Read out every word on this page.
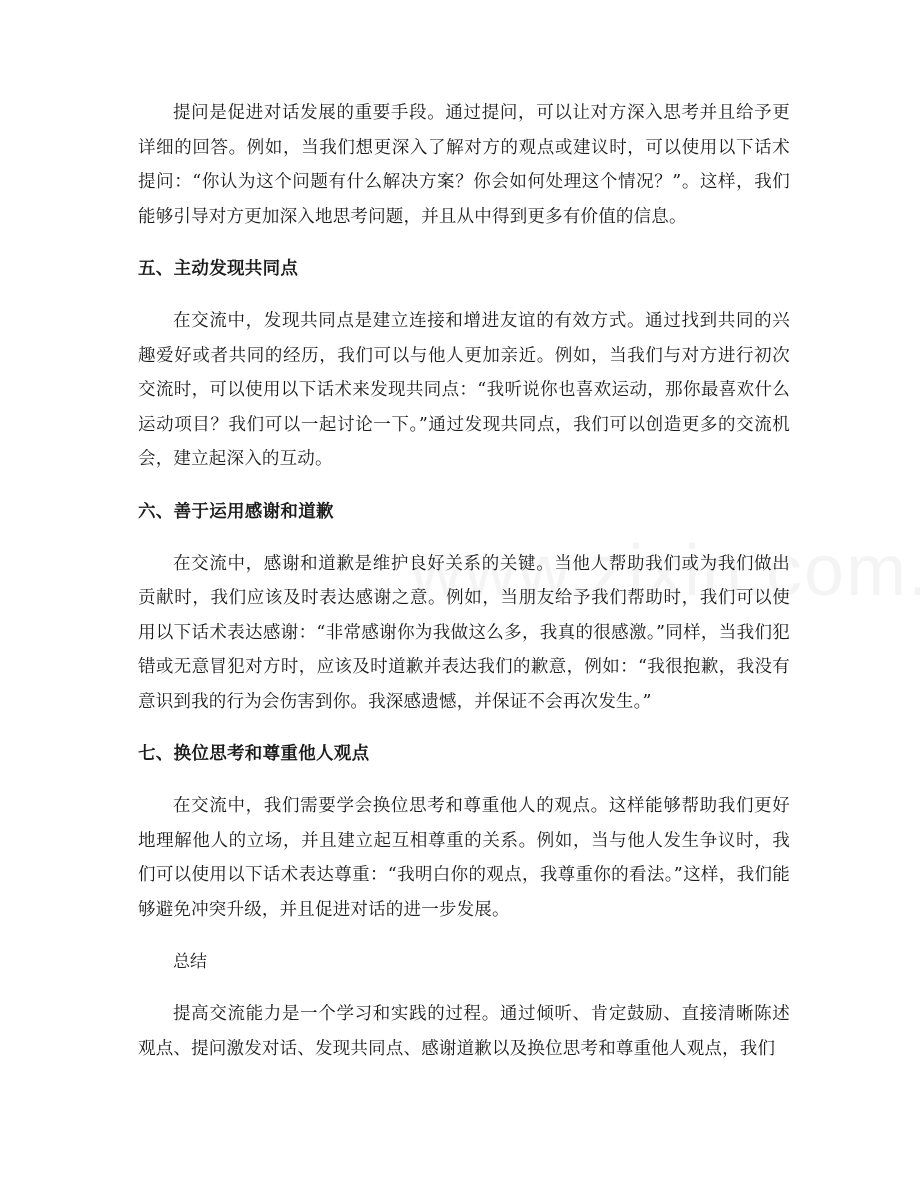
提问是促进对话发展的重要手段。通过提问，可以让对方深入思考并且给予更详细的回答。例如，当我们想更深入了解对方的观点或建议时，可以使用以下话术提问：“你认为这个问题有什么解决方案？你会如何处理这个情况？”。这样，我们能够引导对方更加深入地思考问题，并且从中得到更多有价值的信息。

五、主动发现共同点

在交流中，发现共同点是建立连接和增进友谊的有效方式。通过找到共同的兴趣爱好或者共同的经历，我们可以与他人更加亲近。例如，当我们与对方进行初次交流时，可以使用以下话术来发现共同点：“我听说你也喜欢运动，那你最喜欢什么运动项目？我们可以一起讨论一下。”通过发现共同点，我们可以创造更多的交流机会，建立起深入的互动。

六、善于运用感谢和道歉

在交流中，感谢和道歉是维护良好关系的关键。当他人帮助我们或为我们做出贡献时，我们应该及时表达感谢之意。例如，当朋友给予我们帮助时，我们可以使用以下话术表达感谢：“非常感谢你为我做这么多，我真的很感激。”同样，当我们犯错或无意冒犯对方时，应该及时道歉并表达我们的歉意，例如：“我很抱歉，我没有意识到我的行为会伤害到你。我深感遗憾，并保证不会再次发生。”

七、换位思考和尊重他人观点

在交流中，我们需要学会换位思考和尊重他人的观点。这样能够帮助我们更好地理解他人的立场，并且建立起互相尊重的关系。例如，当与他人发生争议时，我们可以使用以下话术表达尊重：“我明白你的观点，我尊重你的看法。”这样，我们能够避免冲突升级，并且促进对话的进一步发展。

总结

提高交流能力是一个学习和实践的过程。通过倾听、肯定鼓励、直接清晰陈述观点、提问激发对话、发现共同点、感谢道歉以及换位思考和尊重他人观点，我们
